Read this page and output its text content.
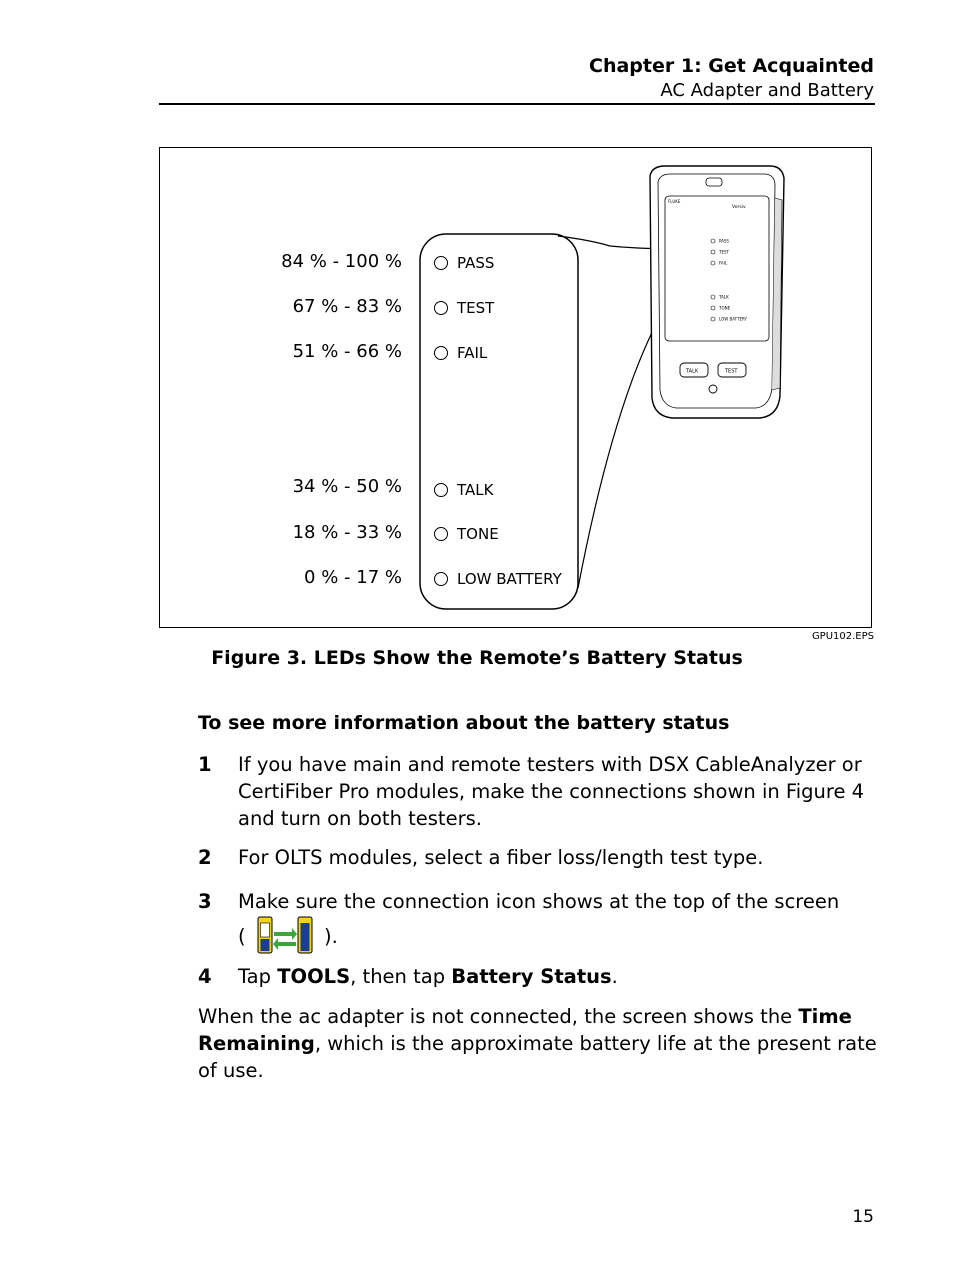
Chapter 1: Get Acquainted
AC Adapter and Battery
FLUKE
Versiv
PASS
TEST
FAIL
TALK
TONE
LOW BATTERY
TALK	TEST
84 % - 100 %
67 % - 83 %
51 % - 66 %
34 % - 50 %
18 % - 33 %
0 % - 17 %
PASS
TEST
FAIL
TALK
TONE
LOW BATTERY
GPU102.EPS
Figure 3. LEDs Show the Remote’s Battery Status
To see more information about the battery status
1 If you have main and remote testers with DSX CableAnalyzer or CertiFiber Pro modules, make the connections shown in Figure 4 and turn on both testers.
2 For OLTS modules, select a fiber loss/length test type.
3 Make sure the connection icon shows at the top of the screen
(	).
4 Tap TOOLS, then tap Battery Status.
When the ac adapter is not connected, the screen shows the Time Remaining, which is the approximate battery life at the present rate of use.
15
